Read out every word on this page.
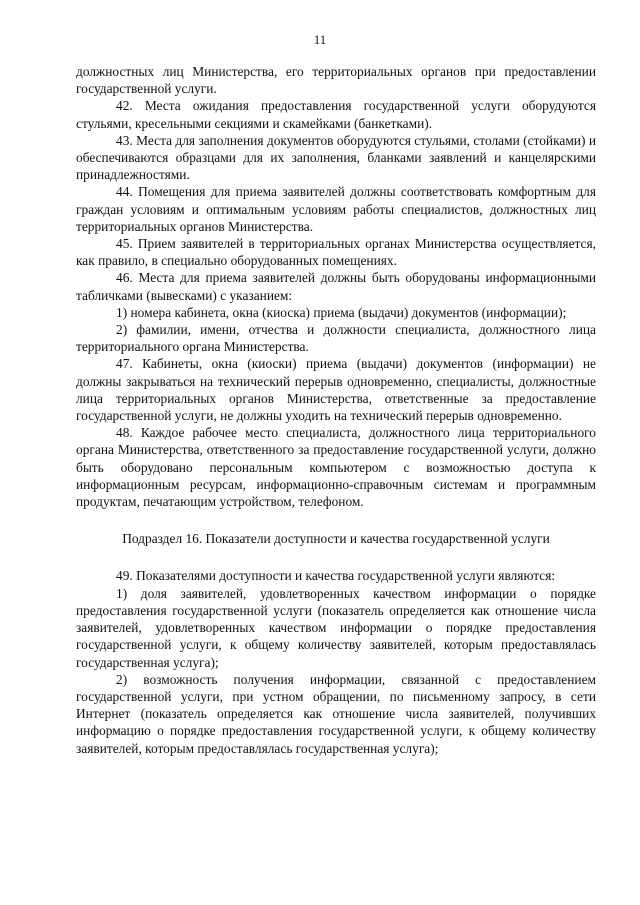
11

должностных лиц Министерства, его территориальных органов при предоставлении государственной услуги.

42. Места ожидания предоставления государственной услуги оборудуются стульями, кресельными секциями и скамейками (банкетками).

43. Места для заполнения документов оборудуются стульями, столами (стойками) и обеспечиваются образцами для их заполнения, бланками заявлений и канцелярскими принадлежностями.

44. Помещения для приема заявителей должны соответствовать комфортным для граждан условиям и оптимальным условиям работы специалистов, должностных лиц территориальных органов Министерства.

45. Прием заявителей в территориальных органах Министерства осуществляется, как правило, в специально оборудованных помещениях.

46. Места для приема заявителей должны быть оборудованы информационными табличками (вывесками) с указанием:

1) номера кабинета, окна (киоска) приема (выдачи) документов (информации);

2) фамилии, имени, отчества и должности специалиста, должностного лица территориального органа Министерства.

47. Кабинеты, окна (киоски) приема (выдачи) документов (информации) не должны закрываться на технический перерыв одновременно, специалисты, должностные лица территориальных органов Министерства, ответственные за предоставление государственной услуги, не должны уходить на технический перерыв одновременно.

48. Каждое рабочее место специалиста, должностного лица территориального органа Министерства, ответственного за предоставление государственной услуги, должно быть оборудовано персональным компьютером с возможностью доступа к информационным ресурсам, информационно-справочным системам и программным продуктам, печатающим устройством, телефоном.

Подраздел 16. Показатели доступности и качества государственной услуги

49. Показателями доступности и качества государственной услуги являются:

1) доля заявителей, удовлетворенных качеством информации о порядке предоставления государственной услуги (показатель определяется как отношение числа заявителей, удовлетворенных качеством информации о порядке предоставления государственной услуги, к общему количеству заявителей, которым предоставлялась государственная услуга);

2) возможность получения информации, связанной с предоставлением государственной услуги, при устном обращении, по письменному запросу, в сети Интернет (показатель определяется как отношение числа заявителей, получивших информацию о порядке предоставления государственной услуги, к общему количеству заявителей, которым предоставлялась государственная услуга);
